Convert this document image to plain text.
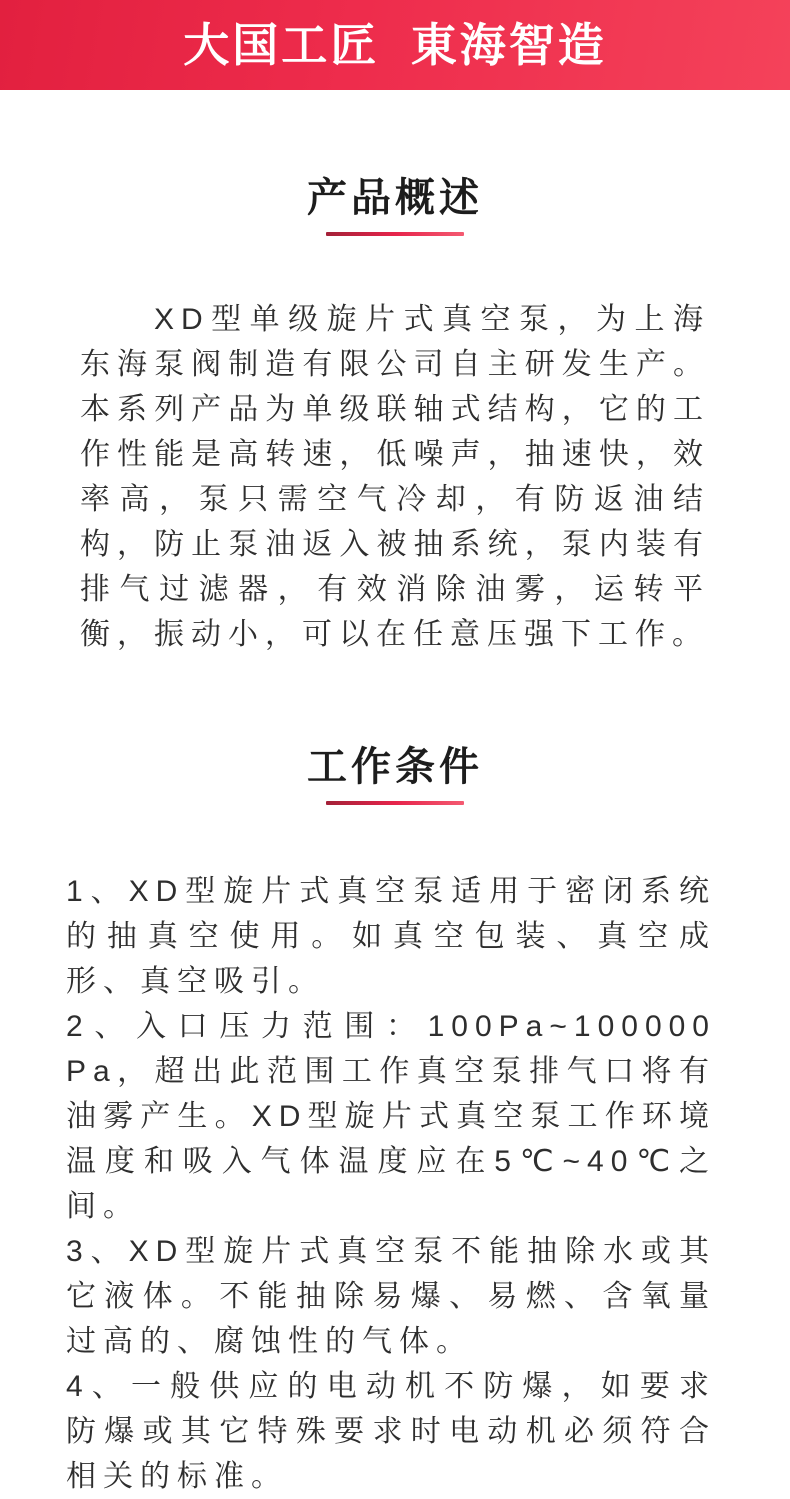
大国工匠  東海智造
产品概述

XD型单级旋片式真空泵，为上海东海泵阀制造有限公司自主研发生产。本系列产品为单级联轴式结构，它的工作性能是高转速，低噪声，抽速快，效率高，泵只需空气冷却，有防返油结构，防止泵油返入被抽系统，泵内装有排气过滤器，有效消除油雾，运转平衡，振动小，可以在任意压强下工作。

工作条件

1、XD型旋片式真空泵适用于密闭系统的抽真空使用。如真空包装、真空成形、真空吸引。

2、入口压力范围：100Pa~100000 Pa，超出此范围工作真空泵排气口将有油雾产生。XD型旋片式真空泵工作环境温度和吸入气体温度应在5℃~40℃之间。

3、XD型旋片式真空泵不能抽除水或其它液体。不能抽除易爆、易燃、含氧量过高的、腐蚀性的气体。

4、一般供应的电动机不防爆，如要求防爆或其它特殊要求时电动机必须符合相关的标准。
